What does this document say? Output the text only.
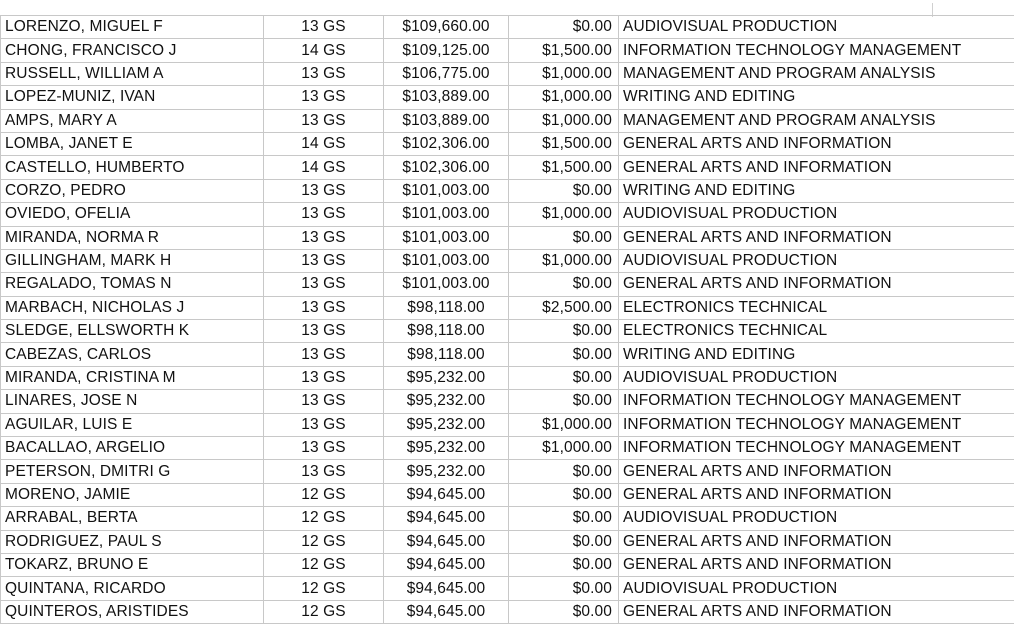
LORENZO, MIGUEL F	13 GS	$109,660.00	$0.00	AUDIOVISUAL PRODUCTION
CHONG, FRANCISCO J	14 GS	$109,125.00	$1,500.00	INFORMATION TECHNOLOGY MANAGEMENT
RUSSELL, WILLIAM A	13 GS	$106,775.00	$1,000.00	MANAGEMENT AND PROGRAM ANALYSIS
LOPEZ-MUNIZ, IVAN	13 GS	$103,889.00	$1,000.00	WRITING AND EDITING
AMPS, MARY A	13 GS	$103,889.00	$1,000.00	MANAGEMENT AND PROGRAM ANALYSIS
LOMBA, JANET E	14 GS	$102,306.00	$1,500.00	GENERAL ARTS AND INFORMATION
CASTELLO, HUMBERTO	14 GS	$102,306.00	$1,500.00	GENERAL ARTS AND INFORMATION
CORZO, PEDRO	13 GS	$101,003.00	$0.00	WRITING AND EDITING
OVIEDO, OFELIA	13 GS	$101,003.00	$1,000.00	AUDIOVISUAL PRODUCTION
MIRANDA, NORMA R	13 GS	$101,003.00	$0.00	GENERAL ARTS AND INFORMATION
GILLINGHAM, MARK H	13 GS	$101,003.00	$1,000.00	AUDIOVISUAL PRODUCTION
REGALADO, TOMAS N	13 GS	$101,003.00	$0.00	GENERAL ARTS AND INFORMATION
MARBACH, NICHOLAS J	13 GS	$98,118.00	$2,500.00	ELECTRONICS TECHNICAL
SLEDGE, ELLSWORTH K	13 GS	$98,118.00	$0.00	ELECTRONICS TECHNICAL
CABEZAS, CARLOS	13 GS	$98,118.00	$0.00	WRITING AND EDITING
MIRANDA, CRISTINA M	13 GS	$95,232.00	$0.00	AUDIOVISUAL PRODUCTION
LINARES, JOSE N	13 GS	$95,232.00	$0.00	INFORMATION TECHNOLOGY MANAGEMENT
AGUILAR, LUIS E	13 GS	$95,232.00	$1,000.00	INFORMATION TECHNOLOGY MANAGEMENT
BACALLAO, ARGELIO	13 GS	$95,232.00	$1,000.00	INFORMATION TECHNOLOGY MANAGEMENT
PETERSON, DMITRI G	13 GS	$95,232.00	$0.00	GENERAL ARTS AND INFORMATION
MORENO, JAMIE	12 GS	$94,645.00	$0.00	GENERAL ARTS AND INFORMATION
ARRABAL, BERTA	12 GS	$94,645.00	$0.00	AUDIOVISUAL PRODUCTION
RODRIGUEZ, PAUL S	12 GS	$94,645.00	$0.00	GENERAL ARTS AND INFORMATION
TOKARZ, BRUNO E	12 GS	$94,645.00	$0.00	GENERAL ARTS AND INFORMATION
QUINTANA, RICARDO	12 GS	$94,645.00	$0.00	AUDIOVISUAL PRODUCTION
QUINTEROS, ARISTIDES	12 GS	$94,645.00	$0.00	GENERAL ARTS AND INFORMATION
